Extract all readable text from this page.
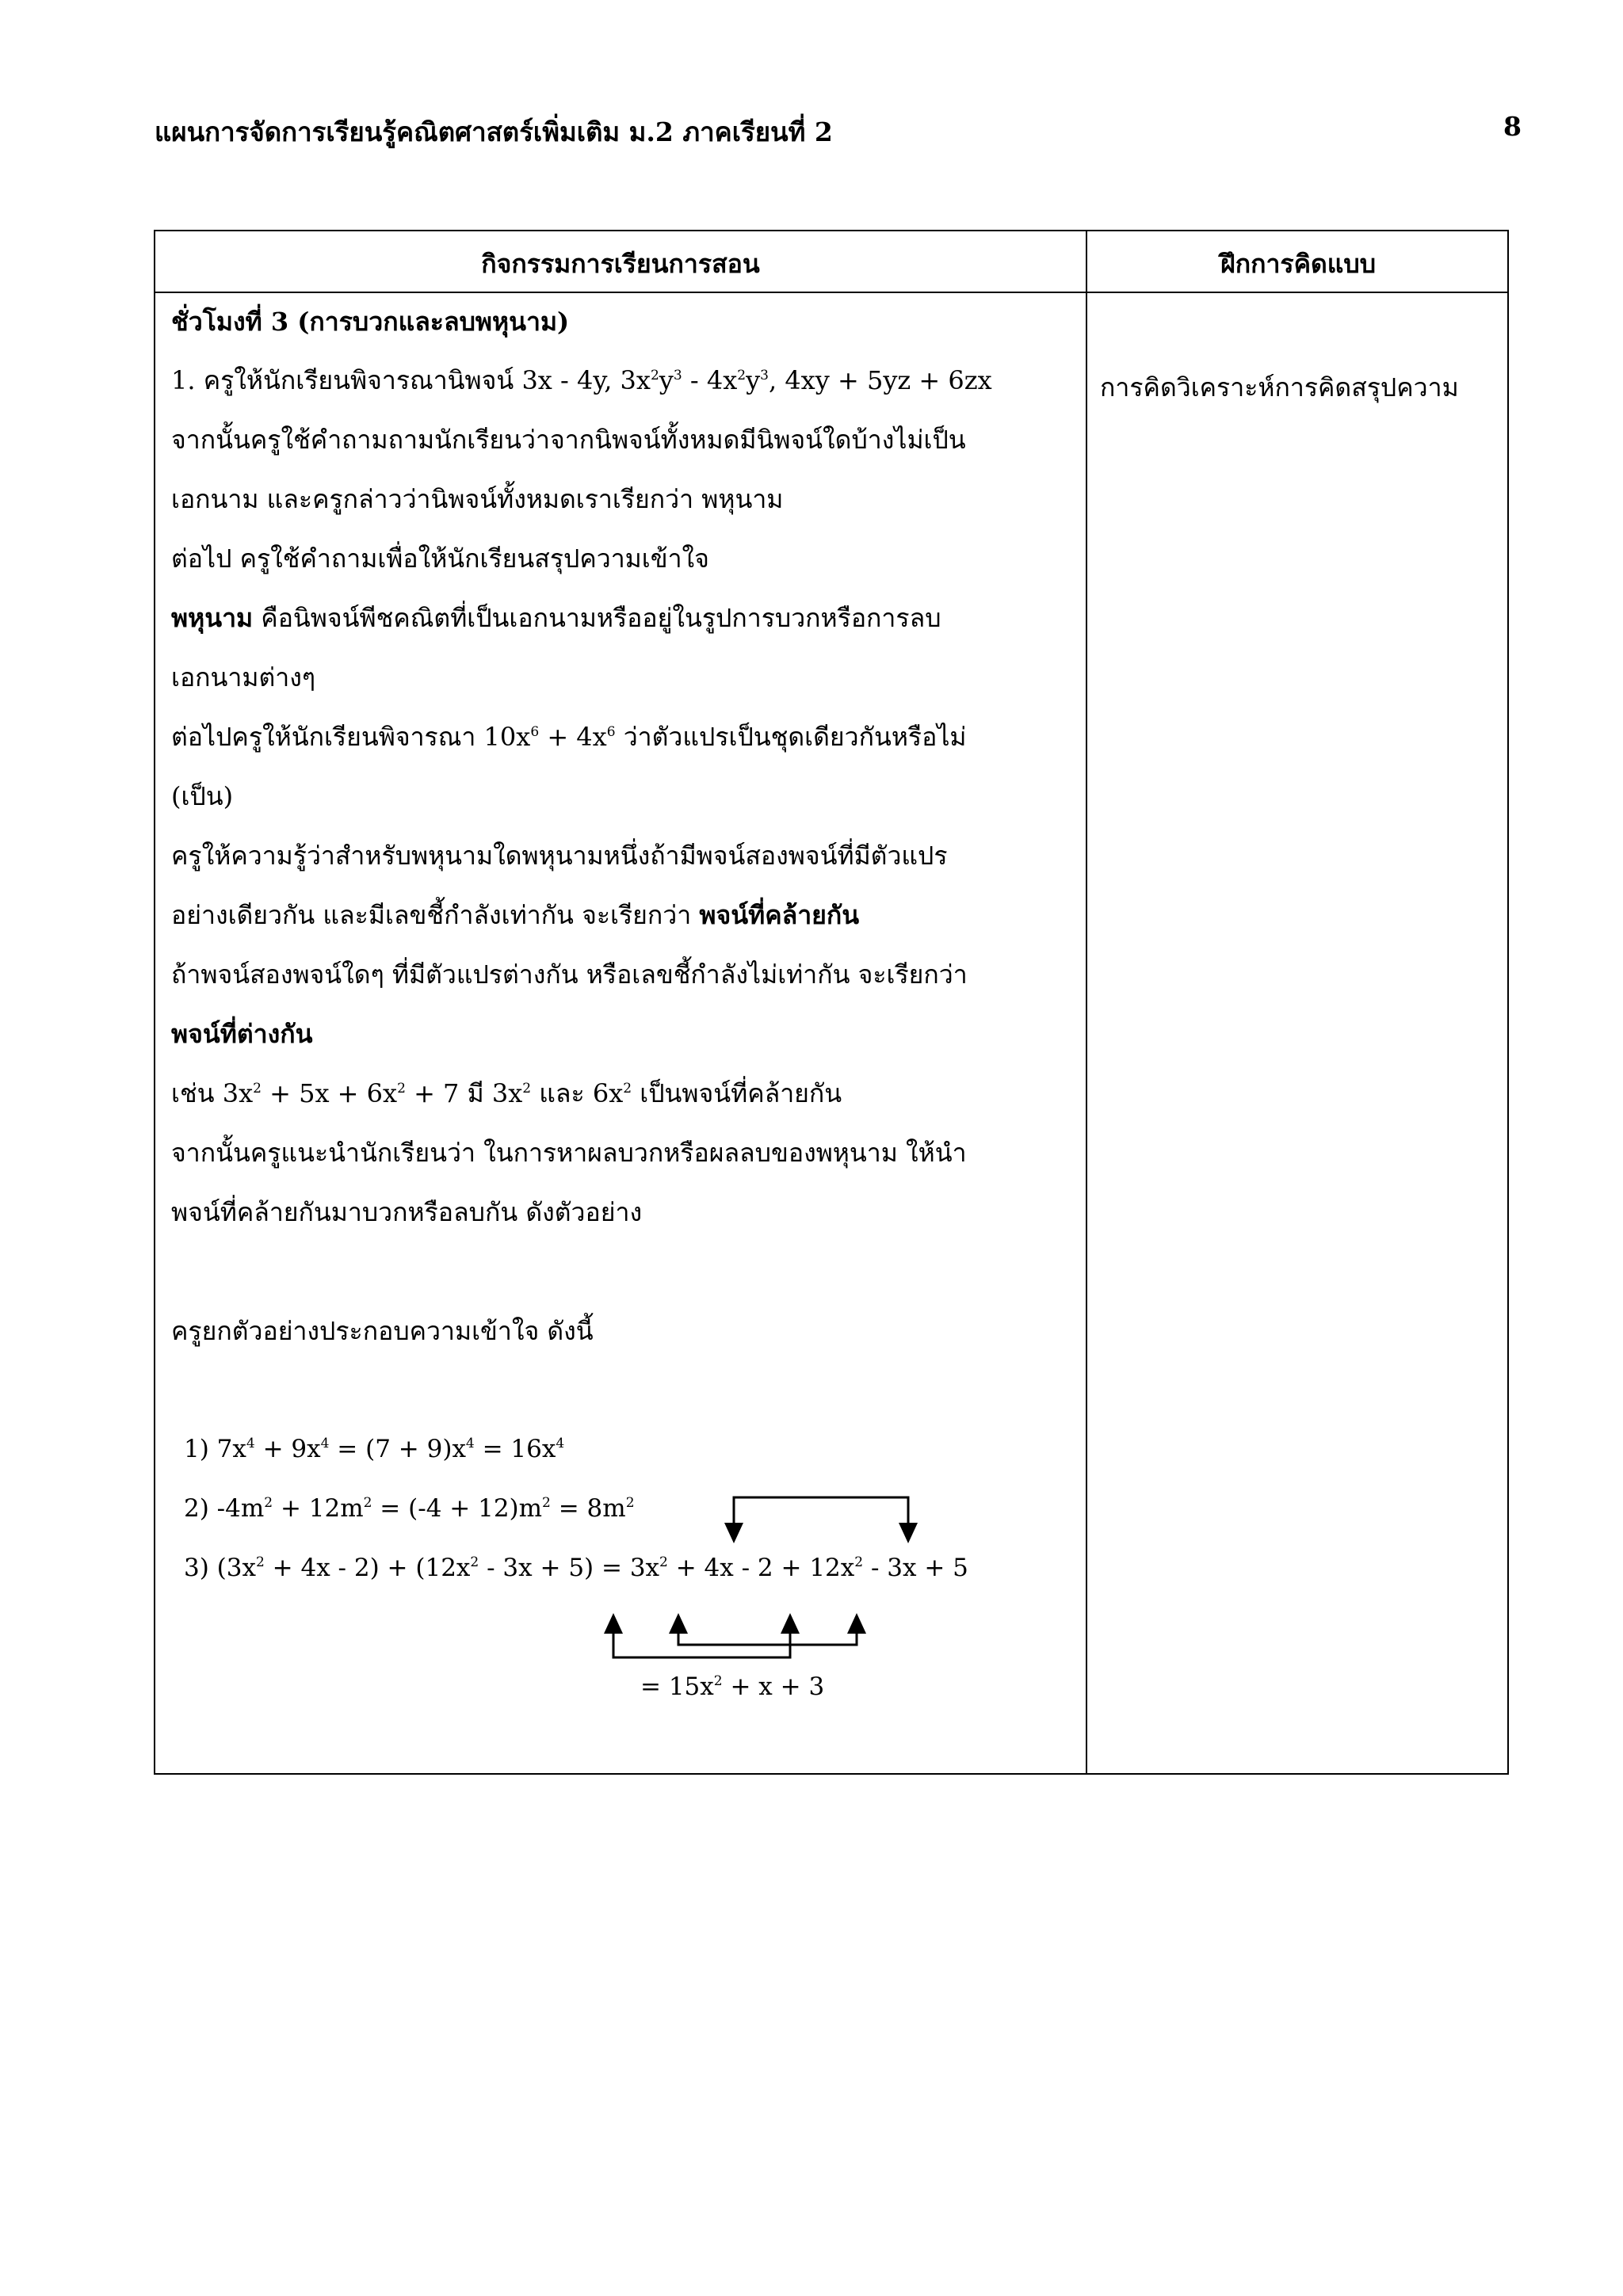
แผนการจัดการเรียนรู้คณิตศาสตร์เพิ่มเติม ม.2 ภาคเรียนที่ 2	8
กิจกรรมการเรียนการสอน	ฝึกการคิดแบบ
ชั่วโมงที่ 3 (การบวกและลบพหุนาม)
1. ครูให้นักเรียนพิจารณานิพจน์ 3x - 4y, $3x^2y^3 - 4x^2y^3$, 4xy + 5yz + 6zx
จากนั้นครูใช้คำถามถามนักเรียนว่าจากนิพจน์ทั้งหมดมีนิพจน์ใดบ้างไม่เป็น
เอกนาม และครูกล่าวว่านิพจน์ทั้งหมดเราเรียกว่า พหุนาม
ต่อไป ครูใช้คำถามเพื่อให้นักเรียนสรุปความเข้าใจ
พหุนาม คือนิพจน์พีชคณิตที่เป็นเอกนามหรืออยู่ในรูปการบวกหรือการลบ
เอกนามต่างๆ
ต่อไปครูให้นักเรียนพิจารณา $10x^6 + 4x^6$ ว่าตัวแปรเป็นชุดเดียวกันหรือไม่
(เป็น)
ครูให้ความรู้ว่าสำหรับพหุนามใดพหุนามหนึ่งถ้ามีพจน์สองพจน์ที่มีตัวแปร
อย่างเดียวกัน และมีเลขชี้กำลังเท่ากัน จะเรียกว่า พจน์ที่คล้ายกัน
ถ้าพจน์สองพจน์ใดๆ ที่มีตัวแปรต่างกัน หรือเลขชี้กำลังไม่เท่ากัน จะเรียกว่า
พจน์ที่ต่างกัน
เช่น $3x^2 + 5x + 6x^2 + 7$ มี $3x^2$ และ $6x^2$ เป็นพจน์ที่คล้ายกัน
จากนั้นครูแนะนำนักเรียนว่า ในการหาผลบวกหรือผลลบของพหุนาม ให้นำ
พจน์ที่คล้ายกันมาบวกหรือลบกัน ดังตัวอย่าง
ครูยกตัวอย่างประกอบความเข้าใจ ดังนี้
1) $7x^4 + 9x^4 = (7 + 9)x^4 = 16x^4$
2) $-4m^2 + 12m^2 = (-4 + 12)m^2 = 8m^2$
3) $(3x^2 + 4x - 2) + (12x^2 - 3x + 5) = 3x^2 + 4x - 2 + 12x^2 - 3x + 5$
= $15x^2 + x + 3$
การคิดวิเคราะห์การคิดสรุปความ
